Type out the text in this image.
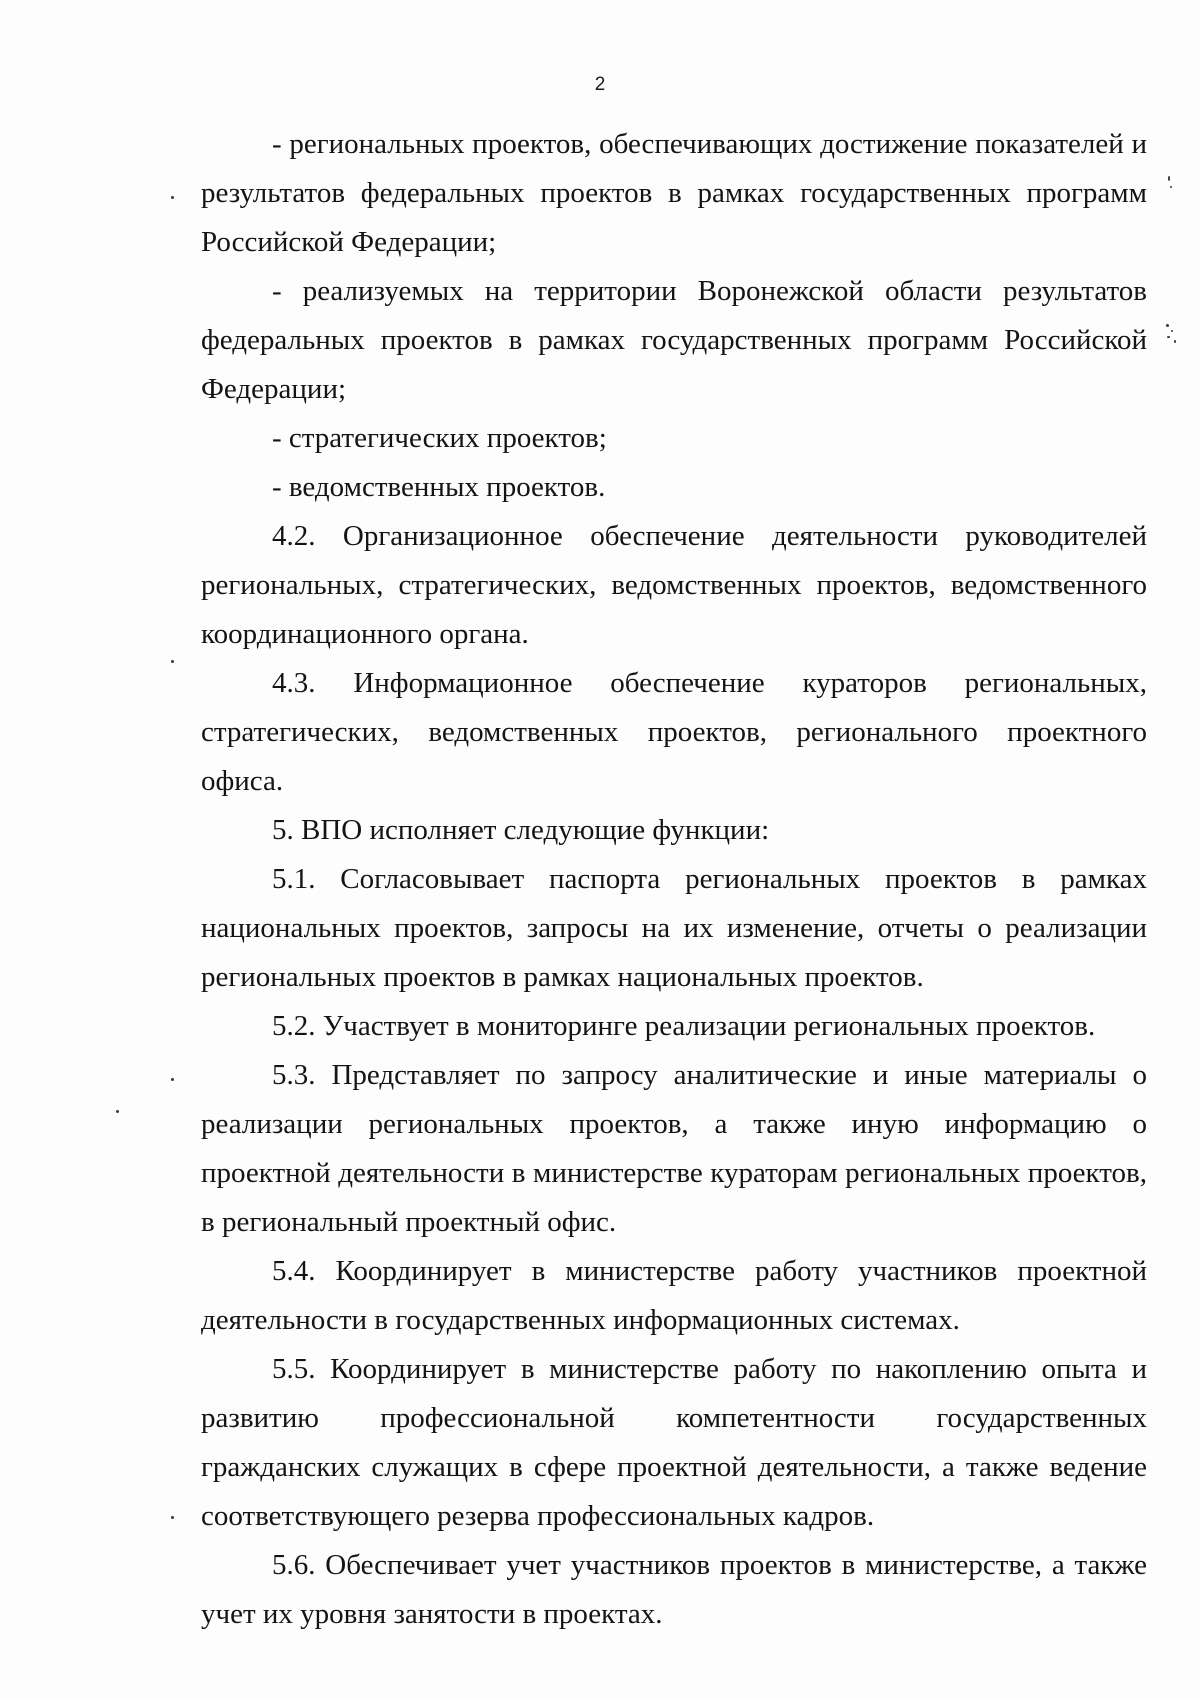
2

- региональных проектов, обеспечивающих достижение показателей и результатов федеральных проектов в рамках государственных программ Российской Федерации;

- реализуемых на территории Воронежской области результатов федеральных проектов в рамках государственных программ Российской Федерации;

- стратегических проектов;

- ведомственных проектов.

4.2. Организационное обеспечение деятельности руководителей региональных, стратегических, ведомственных проектов, ведомственного координационного органа.

4.3. Информационное обеспечение кураторов региональных, стратегических, ведомственных проектов, регионального проектного офиса.

5. ВПО исполняет следующие функции:

5.1. Согласовывает паспорта региональных проектов в рамках национальных проектов, запросы на их изменение, отчеты о реализации региональных проектов в рамках национальных проектов.

5.2. Участвует в мониторинге реализации региональных проектов.

5.3. Представляет по запросу аналитические и иные материалы о реализации региональных проектов, а также иную информацию о проектной деятельности в министерстве кураторам региональных проектов, в региональный проектный офис.

5.4. Координирует в министерстве работу участников проектной деятельности в государственных информационных системах.

5.5. Координирует в министерстве работу по накоплению опыта и развитию профессиональной компетентности государственных гражданских служащих в сфере проектной деятельности, а также ведение соответствующего резерва профессиональных кадров.

5.6. Обеспечивает учет участников проектов в министерстве, а также учет их уровня занятости в проектах.
